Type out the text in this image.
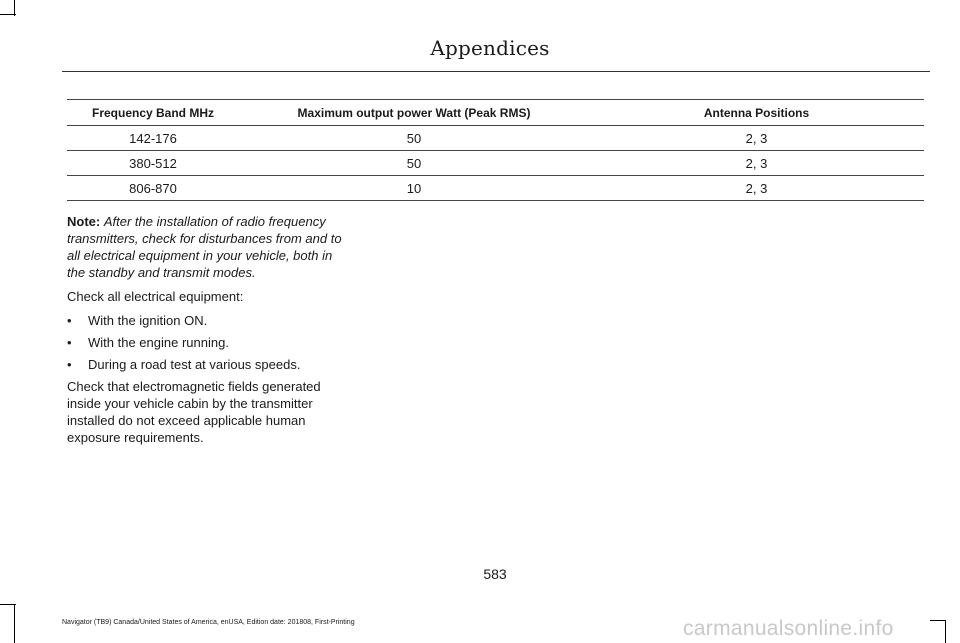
Appendices
Frequency Band MHz	Maximum output power Watt (Peak RMS)	Antenna Positions
142-176	50	2, 3
380-512	50	2, 3
806-870	10	2, 3

Note: After the installation of radio frequency transmitters, check for disturbances from and to all electrical equipment in your vehicle, both in the standby and transmit modes.

Check all electrical equipment:

• With the ignition ON.
• With the engine running.
• During a road test at various speeds.

Check that electromagnetic fields generated inside your vehicle cabin by the transmitter installed do not exceed applicable human exposure requirements.

583
Navigator (TB9) Canada/United States of America, enUSA, Edition date: 201808, First-Printing	carmanualsonline.info
